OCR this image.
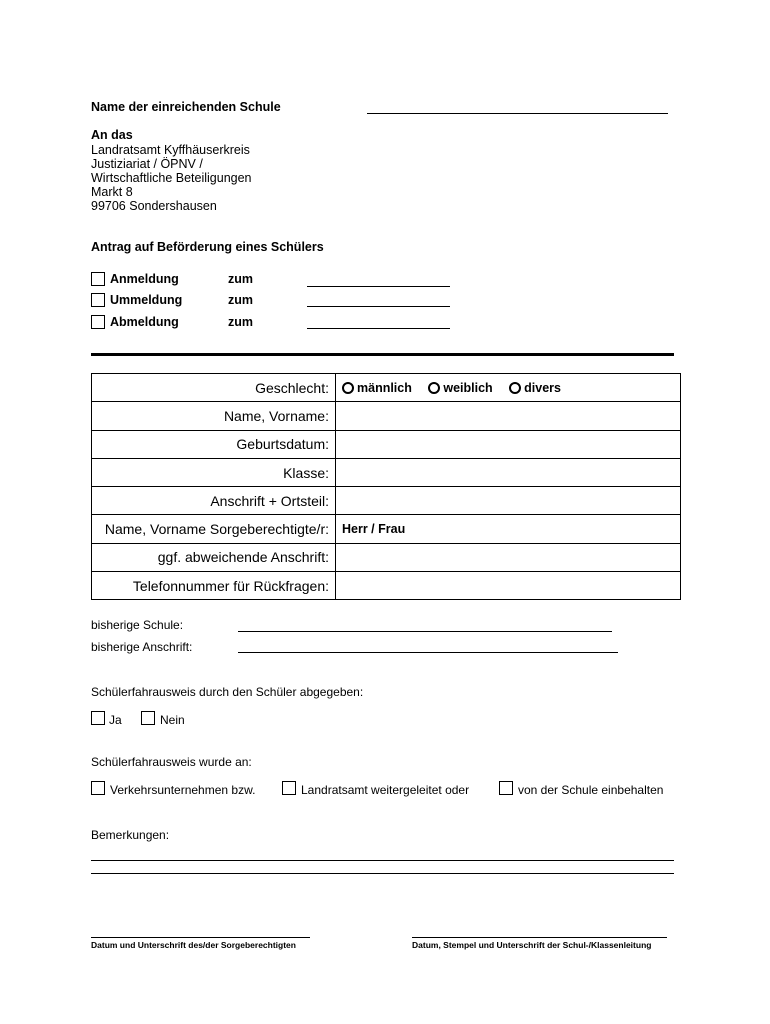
Name der einreichenden Schule
An das
Landratsamt Kyffhäuserkreis
Justiziariat / ÖPNV /
Wirtschaftliche Beteiligungen
Markt 8
99706 Sondershausen
Antrag auf Beförderung eines Schülers
Anmeldung	zum
Ummeldung	zum
Abmeldung	zum
Geschlecht:	männlich weiblich divers
Name, Vorname:	
Geburtsdatum:	
Klasse:	
Anschrift + Ortsteil:	
Name, Vorname Sorgeberechtigte/r:	Herr / Frau
ggf. abweichende Anschrift:	
Telefonnummer für Rückfragen:	
bisherige Schule:
bisherige Anschrift:
Schülerfahrausweis durch den Schüler abgegeben:
Ja	Nein
Schülerfahrausweis wurde an:
Verkehrsunternehmen bzw.	Landratsamt weitergeleitet oder	von der Schule einbehalten
Bemerkungen:
Datum und Unterschrift des/der Sorgeberechtigten	Datum, Stempel und Unterschrift der Schul-/Klassenleitung
